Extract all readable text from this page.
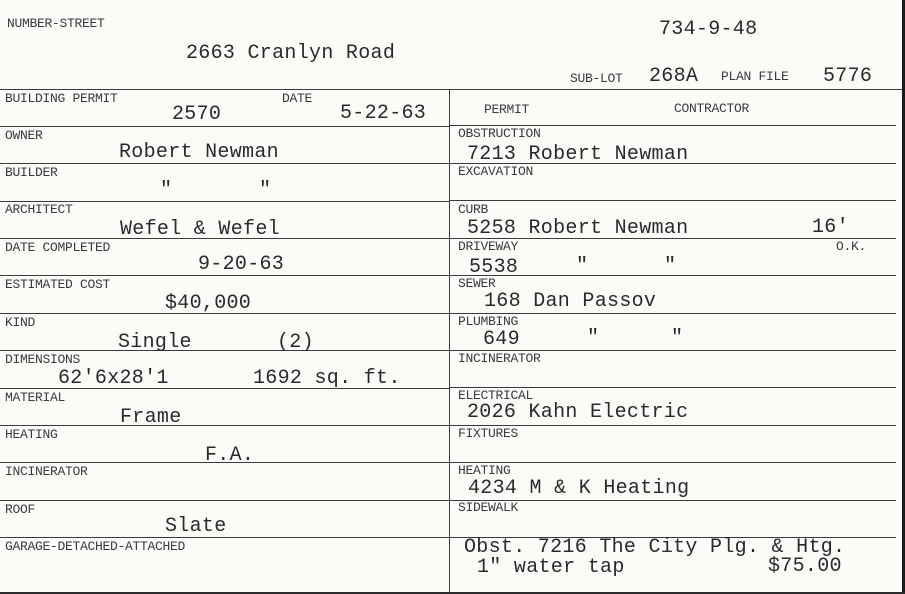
NUMBER-STREET
2663 Cranlyn Road
734-9-48
SUB-LOT 268A PLAN FILE 5776
BUILDING PERMIT
2570
DATE
5-22-63
OWNER
Robert Newman
BUILDER
"	"
ARCHITECT
Wefel & Wefel
DATE COMPLETED
9-20-63
ESTIMATED COST
$40,000
KIND
Single	(2)
DIMENSIONS
62'6x28'1	1692 sq. ft.
MATERIAL
Frame
HEATING
F.A.
INCINERATOR
ROOF
Slate
GARAGE-DETACHED-ATTACHED
PERMIT	CONTRACTOR
OBSTRUCTION
7213 Robert Newman
EXCAVATION
CURB
5258 Robert Newman	16'
DRIVEWAY
5538	"	"
O.K.
SEWER
168 Dan Passov
PLUMBING
649	"	"
INCINERATOR
ELECTRICAL
2026 Kahn Electric
FIXTURES
HEATING
4234 M & K Heating
SIDEWALK
Obst. 7216 The City Plg. & Htg.
1" water tap	$75.00
